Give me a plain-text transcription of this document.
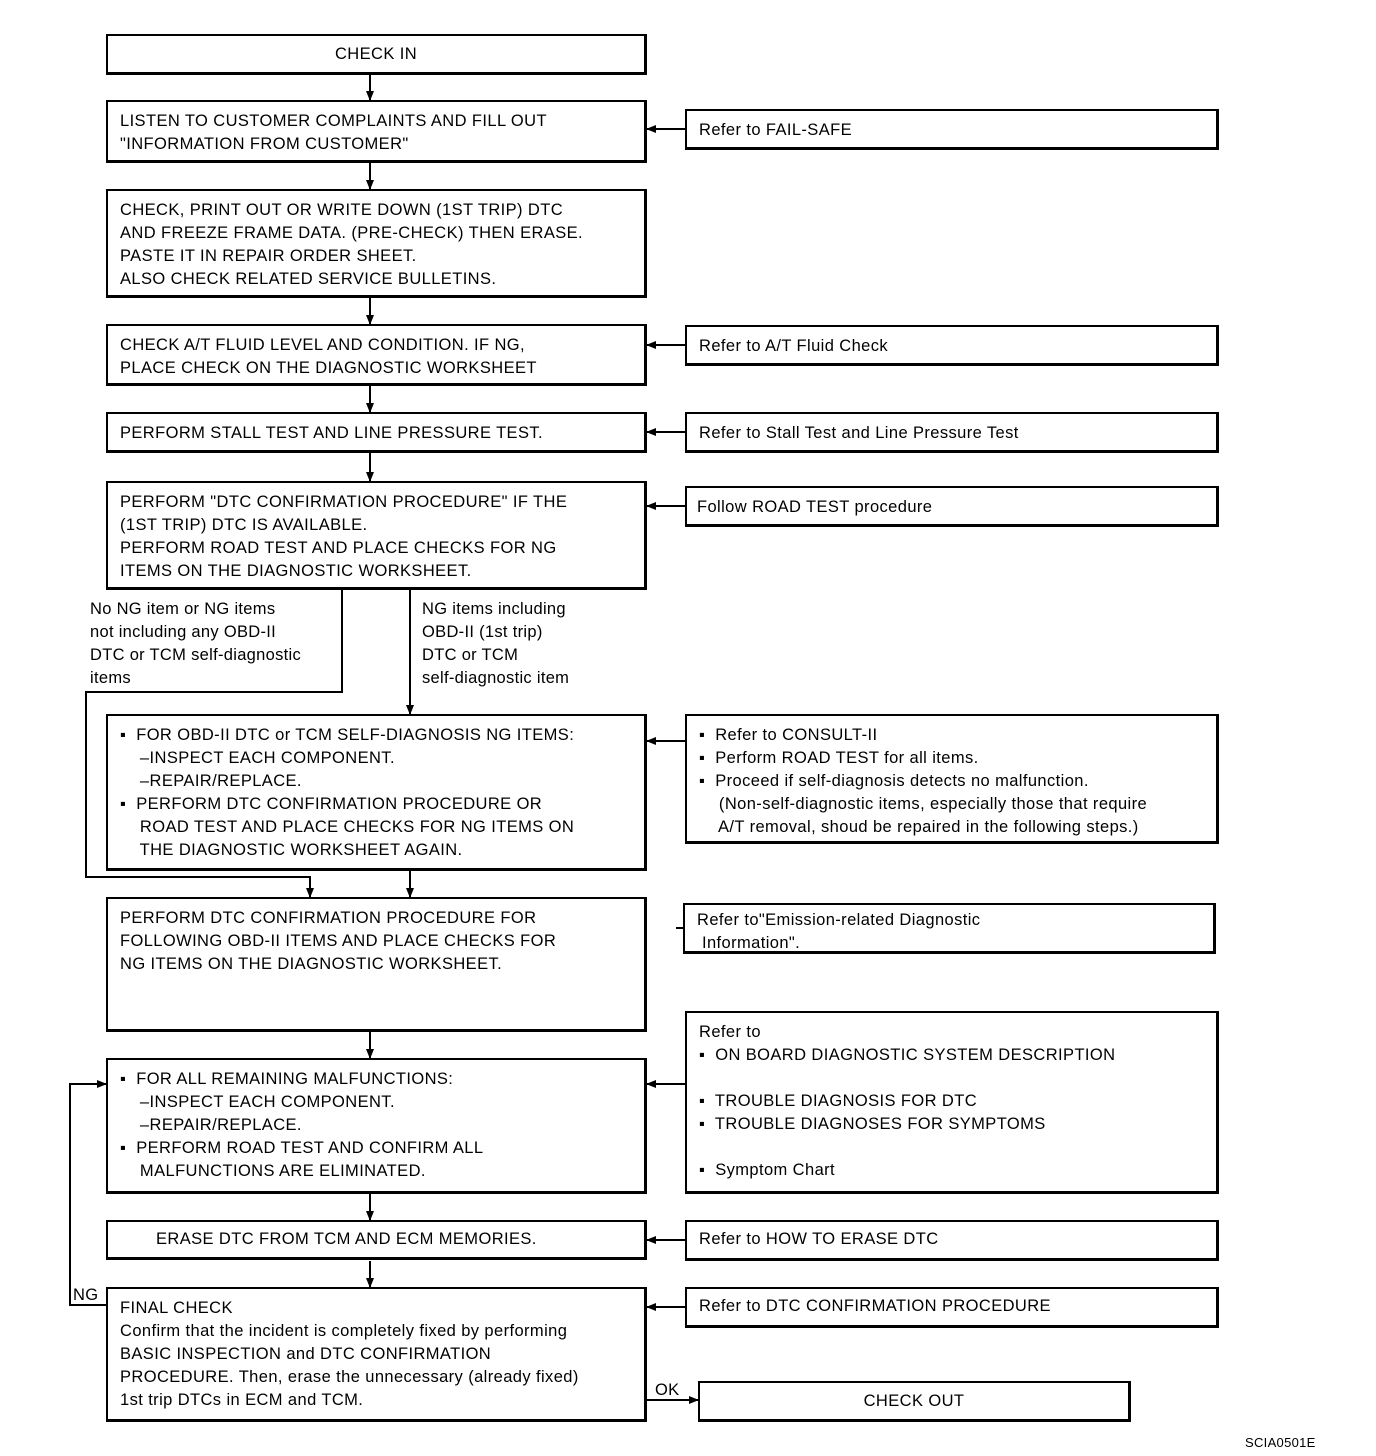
CHECK IN
LISTEN TO CUSTOMER COMPLAINTS AND FILL OUT
"INFORMATION FROM CUSTOMER"
CHECK, PRINT OUT OR WRITE DOWN (1ST TRIP) DTC
AND FREEZE FRAME DATA. (PRE-CHECK) THEN ERASE.
PASTE IT IN REPAIR ORDER SHEET.
ALSO CHECK RELATED SERVICE BULLETINS.
CHECK A/T FLUID LEVEL AND CONDITION. IF NG,
PLACE CHECK ON THE DIAGNOSTIC WORKSHEET
PERFORM STALL TEST AND LINE PRESSURE TEST.
PERFORM "DTC CONFIRMATION PROCEDURE" IF THE
(1ST TRIP) DTC IS AVAILABLE.
PERFORM ROAD TEST AND PLACE CHECKS FOR NG
ITEMS ON THE DIAGNOSTIC WORKSHEET.
▪  FOR OBD-II DTC or TCM SELF-DIAGNOSIS NG ITEMS:
–INSPECT EACH COMPONENT.
–REPAIR/REPLACE.
▪  PERFORM DTC CONFIRMATION PROCEDURE OR
ROAD TEST AND PLACE CHECKS FOR NG ITEMS ON
THE DIAGNOSTIC WORKSHEET AGAIN.
PERFORM DTC CONFIRMATION PROCEDURE FOR
FOLLOWING OBD-II ITEMS AND PLACE CHECKS FOR
NG ITEMS ON THE DIAGNOSTIC WORKSHEET.
▪  FOR ALL REMAINING MALFUNCTIONS:
–INSPECT EACH COMPONENT.
–REPAIR/REPLACE.
▪  PERFORM ROAD TEST AND CONFIRM ALL
MALFUNCTIONS ARE ELIMINATED.
ERASE DTC FROM TCM AND ECM MEMORIES.
FINAL CHECK
Confirm that the incident is completely fixed by performing
BASIC INSPECTION and DTC CONFIRMATION
PROCEDURE. Then, erase the unnecessary (already fixed)
1st trip DTCs in ECM and TCM.	CHECK OUT
Refer to FAIL-SAFE
Refer to A/T Fluid Check
Refer to Stall Test and Line Pressure Test
Follow ROAD TEST procedure
▪  Refer to CONSULT-II
▪  Perform ROAD TEST for all items.
▪  Proceed if self-diagnosis detects no malfunction.
(Non-self-diagnostic items, especially those that require
A/T removal, shoud be repaired in the following steps.)
Refer to"Emission-related Diagnostic
Information".
Refer to
▪  ON BOARD DIAGNOSTIC SYSTEM DESCRIPTION

▪  TROUBLE DIAGNOSIS FOR DTC
▪  TROUBLE DIAGNOSES FOR SYMPTOMS

▪  Symptom Chart
Refer to HOW TO ERASE DTC
Refer to DTC CONFIRMATION PROCEDURE
No NG item or NG items
not including any OBD-II
DTC or TCM self-diagnostic
items
NG items including
OBD-II (1st trip)
DTC or TCM
self-diagnostic item
NG
OK
SCIA0501E
